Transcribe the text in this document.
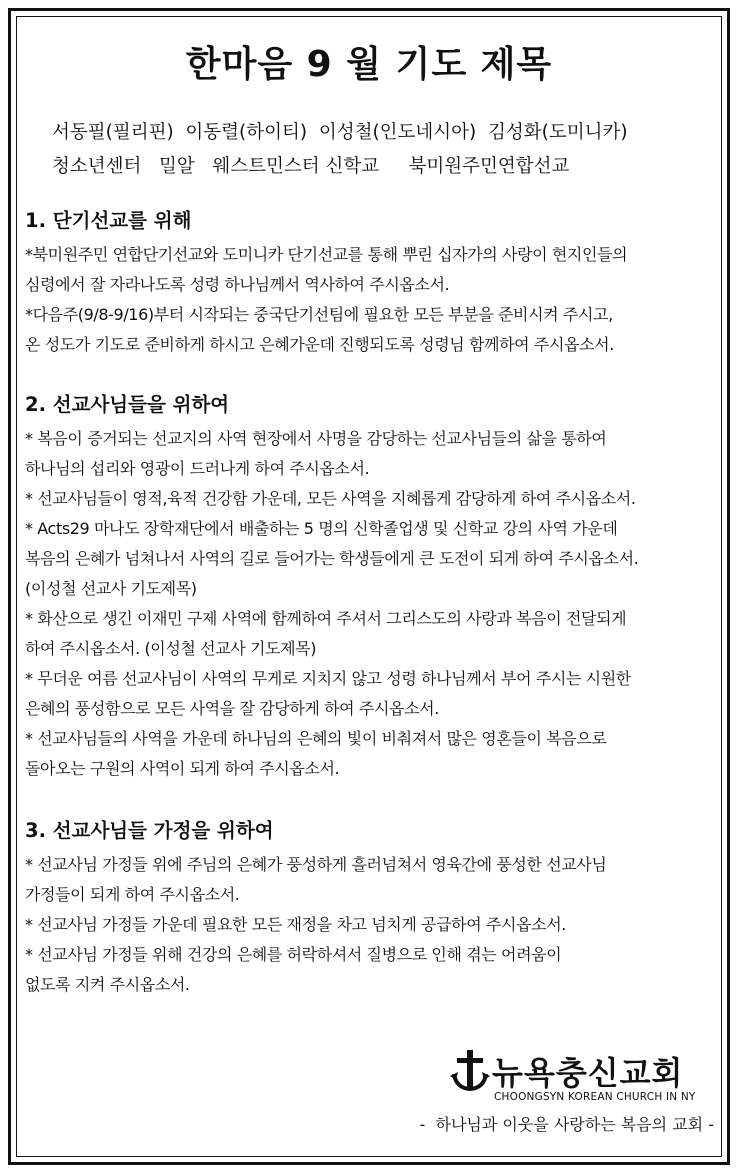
한마음 9 월 기도 제목
서동필(필리핀)  이동렬(하이티)  이성철(인도네시아)  김성화(도미니카)
청소년센터   밀알   웨스트민스터 신학교     북미원주민연합선교
1. 단기선교를 위해

*북미원주민 연합단기선교와 도미니카 단기선교를 통해 뿌린 십자가의 사랑이 현지인들의

심령에서 잘 자라나도록 성령 하나님께서 역사하여 주시옵소서.

*다음주(9/8-9/16)부터 시작되는 중국단기선팀에 필요한 모든 부분을 준비시켜 주시고,

온 성도가 기도로 준비하게 하시고 은혜가운데 진행되도록 성령님 함께하여 주시옵소서.

2. 선교사님들을 위하여

* 복음이 증거되는 선교지의 사역 현장에서 사명을 감당하는 선교사님들의 삶을 통하여

하나님의 섭리와 영광이 드러나게 하여 주시옵소서.

* 선교사님들이 영적,육적 건강함 가운데, 모든 사역을 지혜롭게 감당하게 하여 주시옵소서.

* Acts29 마나도 장학재단에서 배출하는 5 명의 신학졸업생 및 신학교 강의 사역 가운데

복음의 은혜가 넘쳐나서 사역의 길로 들어가는 학생들에게 큰 도전이 되게 하여 주시옵소서.

(이성철 선교사 기도제목)

* 화산으로 생긴 이재민 구제 사역에 함께하여 주셔서 그리스도의 사랑과 복음이 전달되게

하여 주시옵소서. (이성철 선교사 기도제목)

* 무더운 여름 선교사님이 사역의 무게로 지치지 않고 성령 하나님께서 부어 주시는 시원한

은혜의 풍성함으로 모든 사역을 잘 감당하게 하여 주시옵소서.

* 선교사님들의 사역을 가운데 하나님의 은혜의 빛이 비춰져서 많은 영혼들이 복음으로

돌아오는 구원의 사역이 되게 하여 주시옵소서.

3. 선교사님들 가정을 위하여

* 선교사님 가정들 위에 주님의 은혜가 풍성하게 흘러넘쳐서 영육간에 풍성한 선교사님

가정들이 되게 하여 주시옵소서.

* 선교사님 가정들 가운데 필요한 모든 재정을 차고 넘치게 공급하여 주시옵소서.

* 선교사님 가정들 위해 건강의 은혜를 허락하셔서 질병으로 인해 겪는 어려움이

없도록 지켜 주시옵소서.

뉴욕충신교회
CHOONGSYN KOREAN CHURCH IN NY
-  하나님과 이웃을 사랑하는 복음의 교회 -
